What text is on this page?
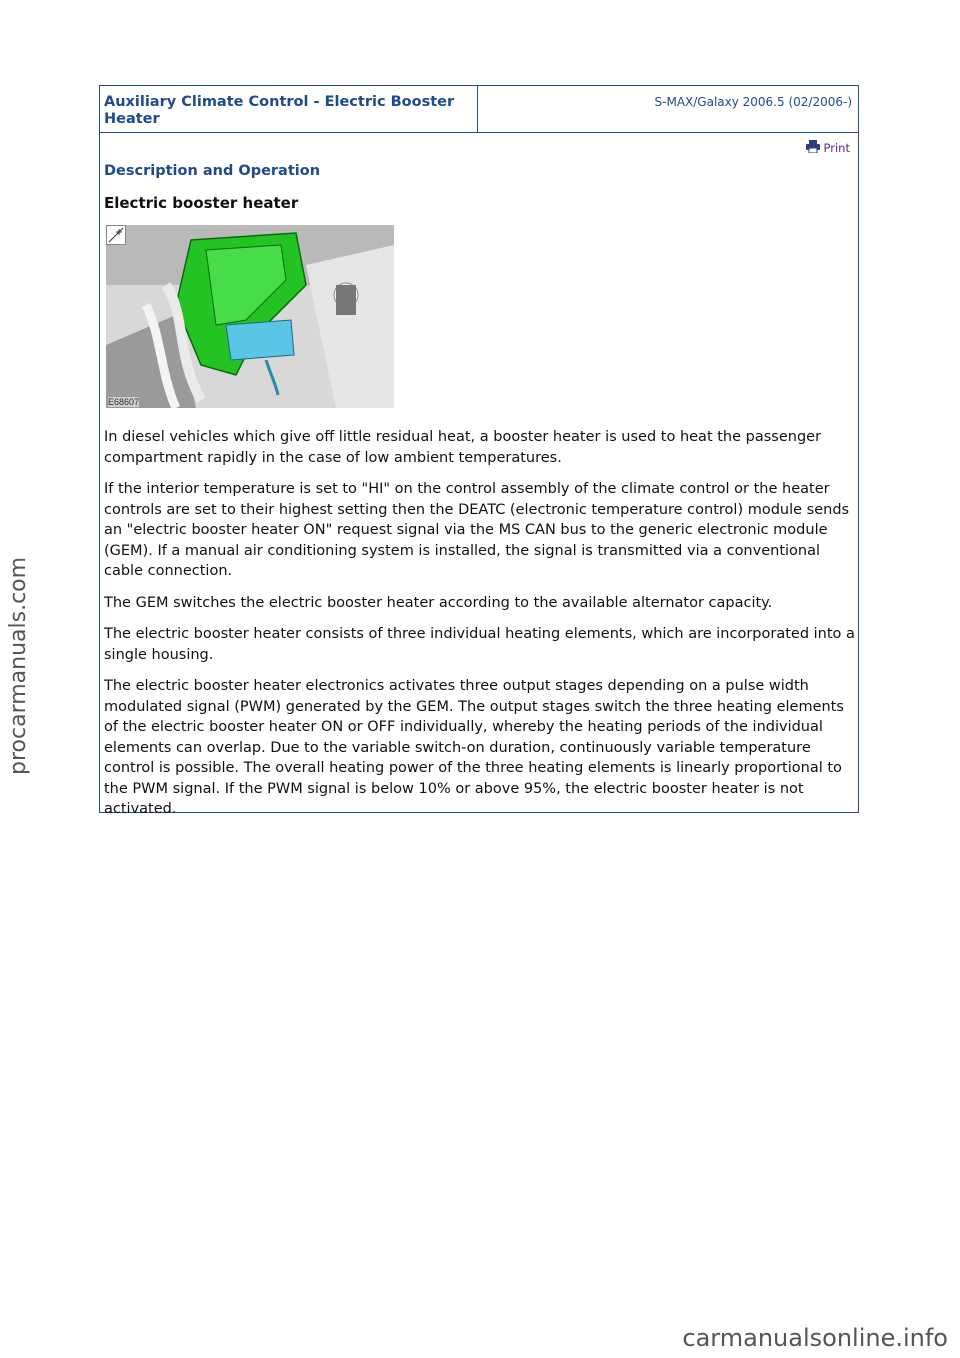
procarmanuals.com
Auxiliary Climate Control - Electric Booster Heater
S-MAX/Galaxy 2006.5 (02/2006-)
Print
Description and Operation
Electric booster heater
E68607

In diesel vehicles which give off little residual heat, a booster heater is used to heat the passenger compartment rapidly in the case of low ambient temperatures.

If the interior temperature is set to "HI" on the control assembly of the climate control or the heater controls are set to their highest setting then the DEATC (electronic temperature control) module sends an "electric booster heater ON" request signal via the MS CAN bus to the generic electronic module (GEM). If a manual air conditioning system is installed, the signal is transmitted via a conventional cable connection.

The GEM switches the electric booster heater according to the available alternator capacity.

The electric booster heater consists of three individual heating elements, which are incorporated into a single housing.

The electric booster heater electronics activates three output stages depending on a pulse width modulated signal (PWM) generated by the GEM. The output stages switch the three heating elements of the electric booster heater ON or OFF individually, whereby the heating periods of the individual elements can overlap. Due to the variable switch-on duration, continuously variable temperature control is possible. The overall heating power of the three heating elements is linearly proportional to the PWM signal. If the PWM signal is below 10% or above 95%, the electric booster heater is not activated.

carmanualsonline.info
